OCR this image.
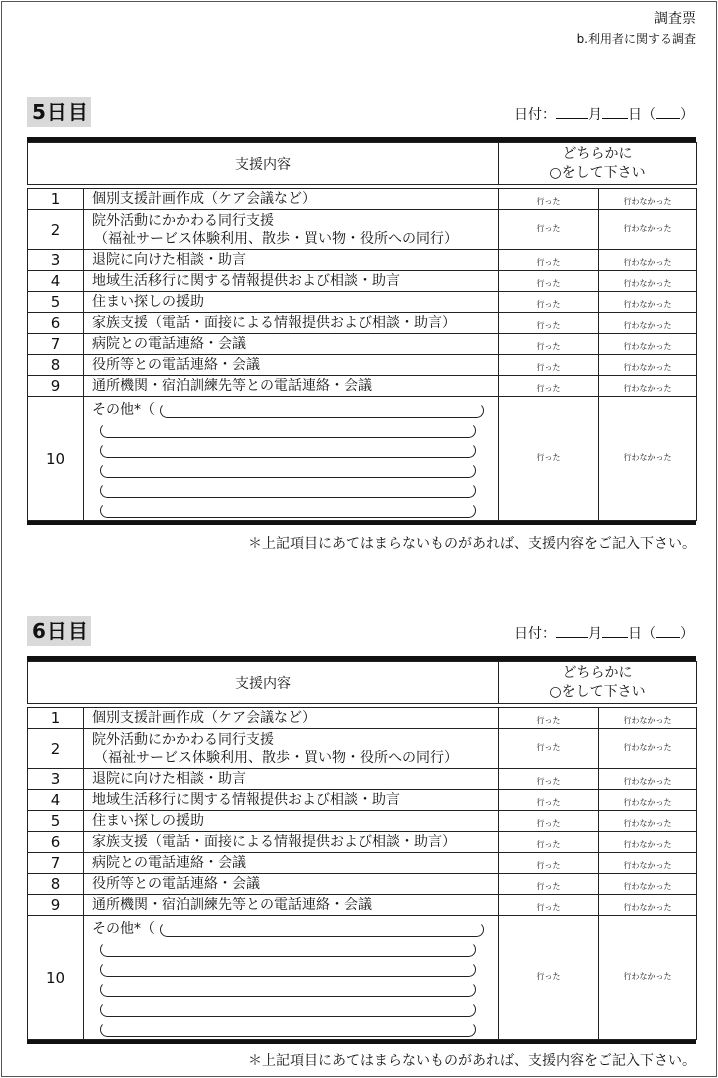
調査票
b.利用者に関する調査
5日目	日付： 月 日（ ）
支援内容		どちらかに
○をして下さい	

1	個別支援計画作成（ケア会議など）	行った	行わなかった
2	院外活動にかかわる同行支援
（福祉サービス体験利用、散歩・買い物・役所への同行）	行った	行わなかった
3	退院に向けた相談・助言	行った	行わなかった
4	地域生活移行に関する情報提供および相談・助言	行った	行わなかった
5	住まい探しの援助	行った	行わなかった
6	家族支援（電話・面接による情報提供および相談・助言）	行った	行わなかった
7	病院との電話連絡・会議	行った	行わなかった
8	役所等との電話連絡・会議	行った	行わなかった
9	通所機関・宿泊訓練先等との電話連絡・会議	行った	行わなかった
10	その他*（	行った	行わなかった
＊上記項目にあてはまらないものがあれば、支援内容をご記入下さい。
6日目	日付： 月 日（ ）
支援内容		どちらかに
○をして下さい	

1	個別支援計画作成（ケア会議など）	行った	行わなかった
2	院外活動にかかわる同行支援
（福祉サービス体験利用、散歩・買い物・役所への同行）	行った	行わなかった
3	退院に向けた相談・助言	行った	行わなかった
4	地域生活移行に関する情報提供および相談・助言	行った	行わなかった
5	住まい探しの援助	行った	行わなかった
6	家族支援（電話・面接による情報提供および相談・助言）	行った	行わなかった
7	病院との電話連絡・会議	行った	行わなかった
8	役所等との電話連絡・会議	行った	行わなかった
9	通所機関・宿泊訓練先等との電話連絡・会議	行った	行わなかった
10	その他*（	行った	行わなかった
＊上記項目にあてはまらないものがあれば、支援内容をご記入下さい。
